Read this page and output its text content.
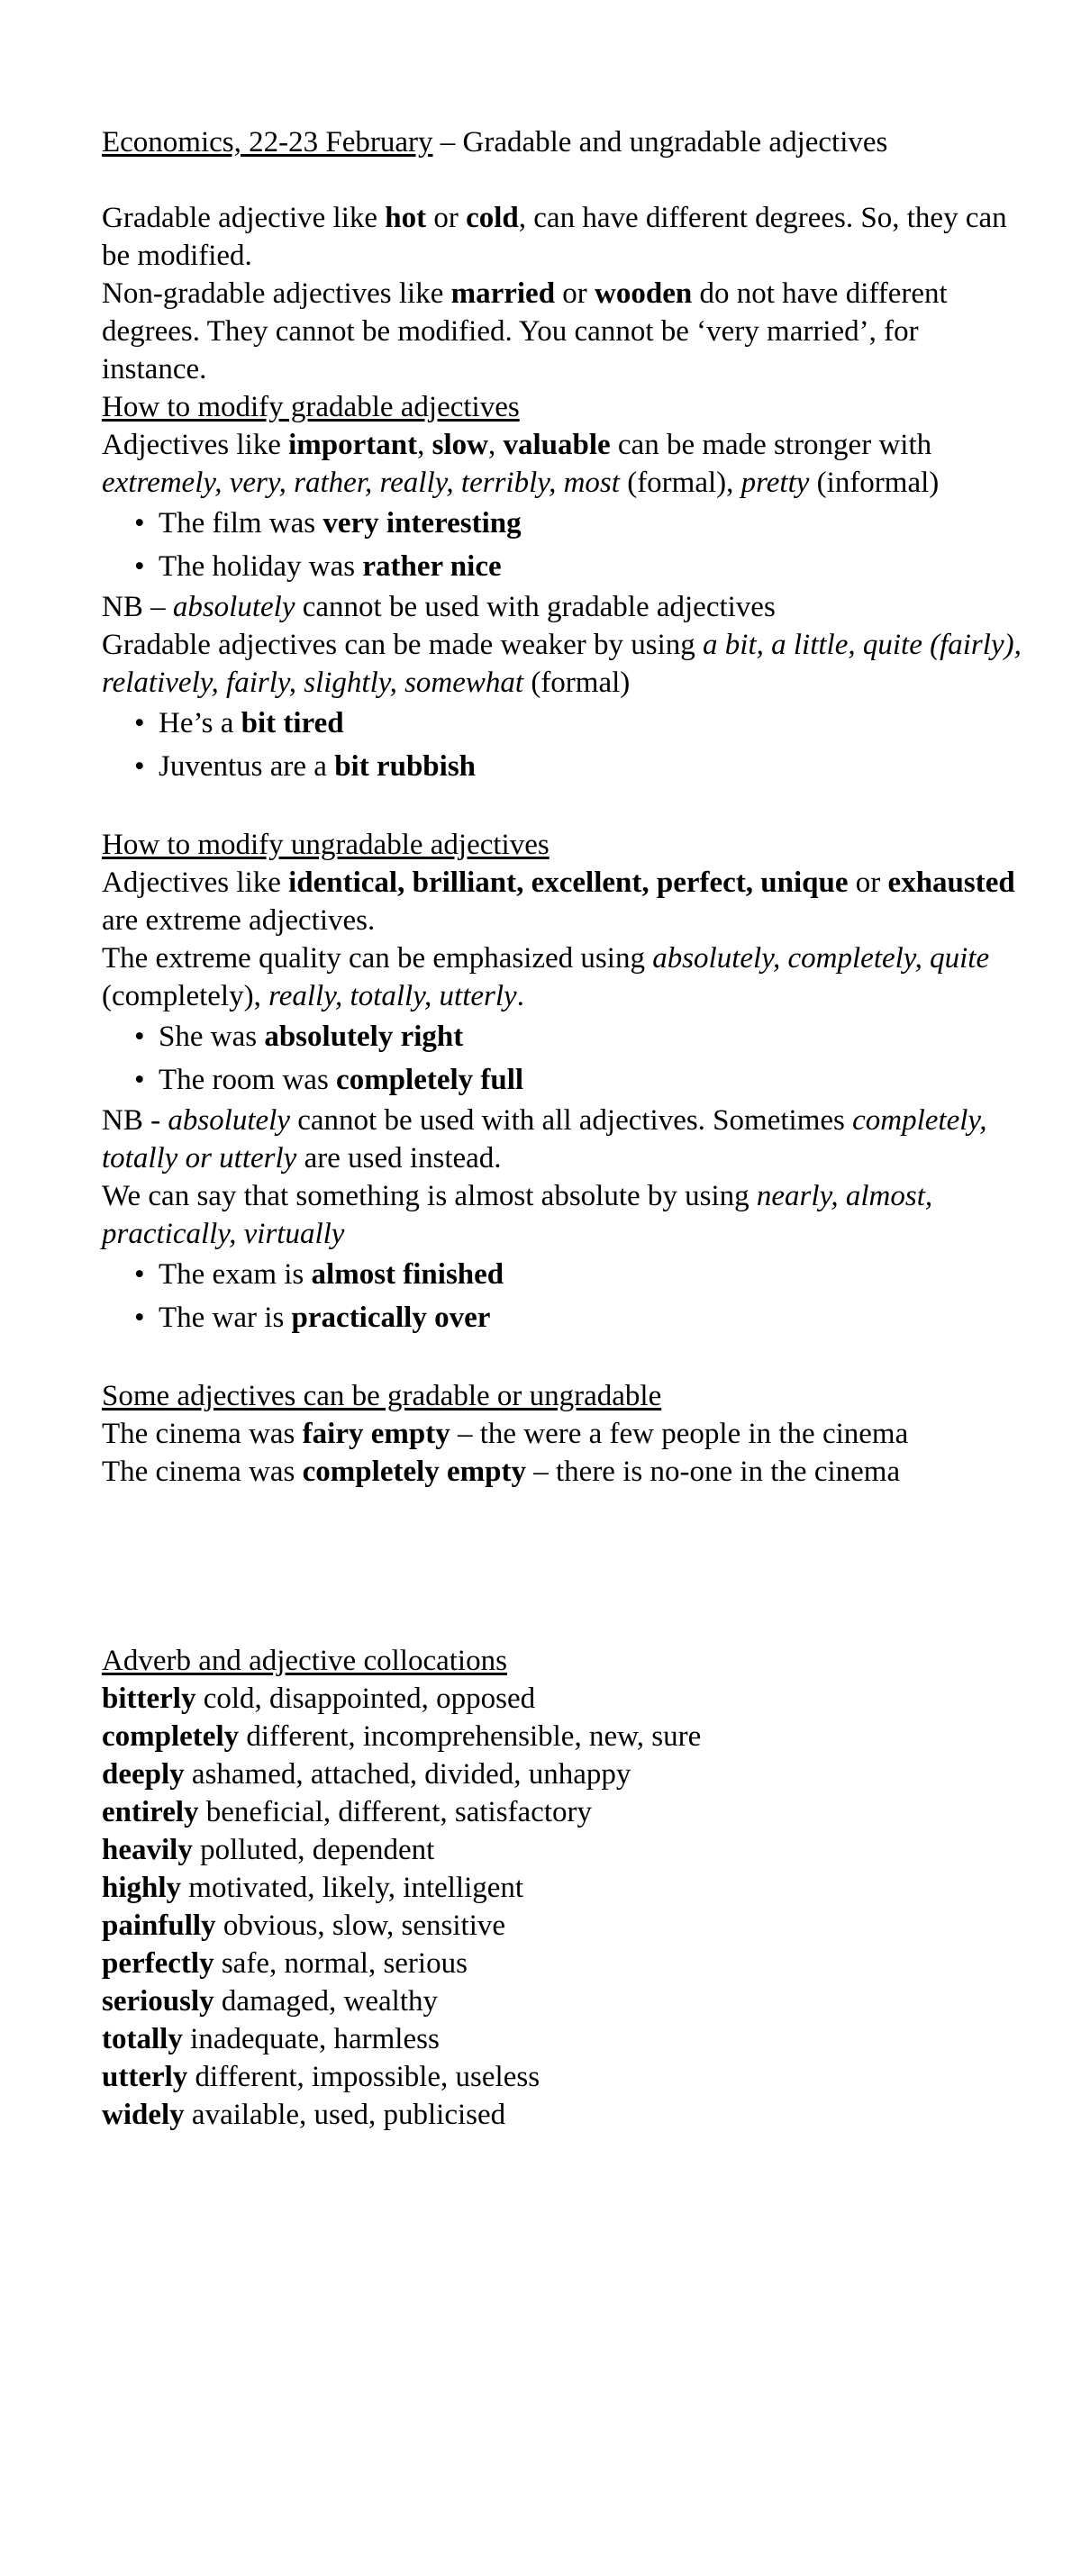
Economics, 22-23 February – Gradable and ungradable adjectives

Gradable adjective like hot or cold, can have different degrees. So, they can be modified.

Non-gradable adjectives like married or wooden do not have different degrees. They cannot be modified. You cannot be ‘very married’, for instance.

How to modify gradable adjectives

Adjectives like important, slow, valuable can be made stronger with extremely, very, rather, really, terribly, most (formal), pretty (informal)

• The film was very interesting
• The holiday was rather nice

NB – absolutely cannot be used with gradable adjectives

Gradable adjectives can be made weaker by using a bit, a little, quite (fairly), relatively, fairly, slightly, somewhat (formal)

• He’s a bit tired
• Juventus are a bit rubbish

How to modify ungradable adjectives

Adjectives like identical, brilliant, excellent, perfect, unique or exhausted are extreme adjectives.

The extreme quality can be emphasized using absolutely, completely, quite (completely), really, totally, utterly.

• She was absolutely right
• The room was completely full

NB - absolutely cannot be used with all adjectives. Sometimes completely, totally or utterly are used instead.

We can say that something is almost absolute by using nearly, almost, practically, virtually

• The exam is almost finished
• The war is practically over

Some adjectives can be gradable or ungradable

The cinema was fairy empty – the were a few people in the cinema

The cinema was completely empty – there is no-one in the cinema

Adverb and adjective collocations

bitterly cold, disappointed, opposed

completely different, incomprehensible, new, sure

deeply ashamed, attached, divided, unhappy

entirely beneficial, different, satisfactory

heavily polluted, dependent

highly motivated, likely, intelligent

painfully obvious, slow, sensitive

perfectly safe, normal, serious

seriously damaged, wealthy

totally inadequate, harmless

utterly different, impossible, useless

widely available, used, publicised
